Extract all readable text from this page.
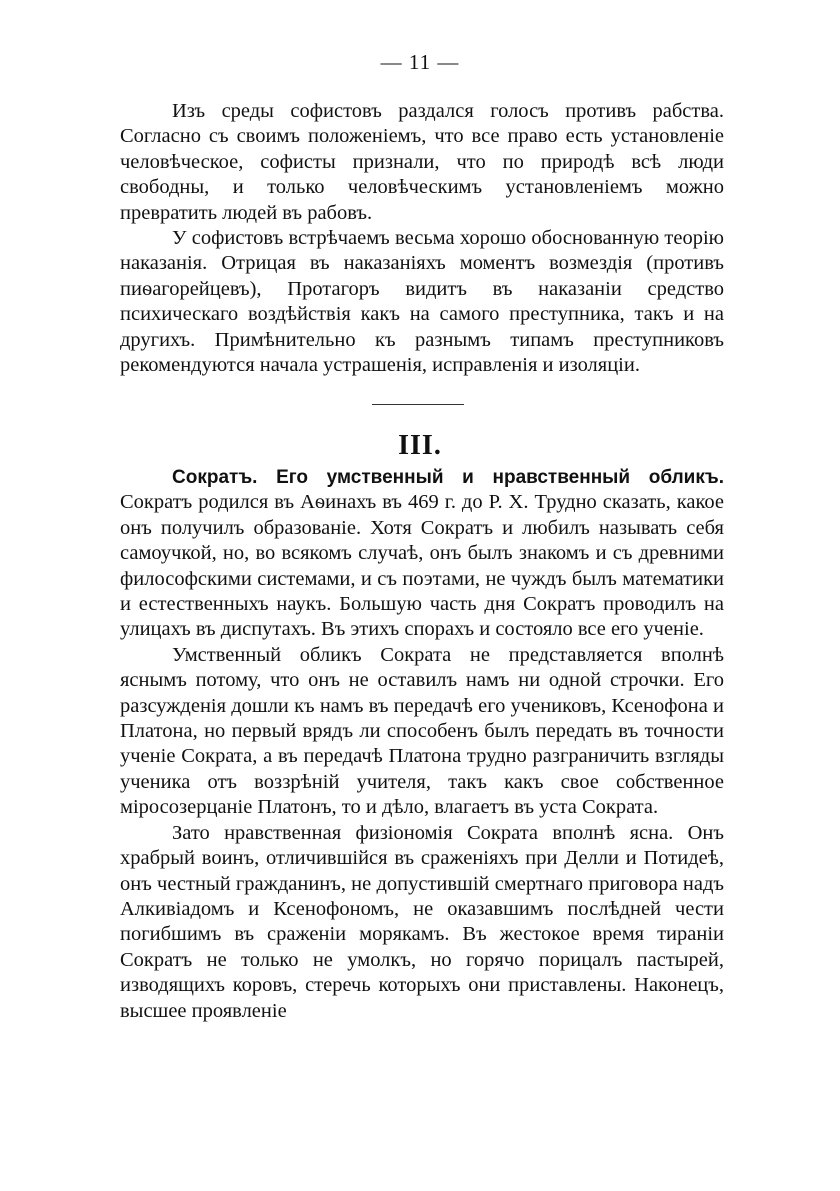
— 11 —

Изъ среды софистовъ раздался голосъ противъ рабства. Согласно съ своимъ положеніемъ, что все право есть установленіе человѣческое, софисты признали, что по природѣ всѣ люди свободны, и только человѣческимъ установленіемъ можно превратить людей въ рабовъ.

У софистовъ встрѣчаемъ весьма хорошо обоснованную теорію наказанія. Отрицая въ наказаніяхъ моментъ возмездія (противъ пиѳагорейцевъ), Протагоръ видитъ въ наказаніи средство психическаго воздѣйствія какъ на самого преступника, такъ и на другихъ. Примѣнительно къ разнымъ типамъ преступниковъ рекомендуются начала устрашенія, исправленія и изоляціи.

III.

Сократъ. Его умственный и нравственный обликъ. Сократъ родился въ Аѳинахъ въ 469 г. до Р. Х. Трудно сказать, какое онъ получилъ образованіе. Хотя Сократъ и любилъ называть себя самоучкой, но, во всякомъ случаѣ, онъ былъ знакомъ и съ древними философскими системами, и съ поэтами, не чуждъ былъ математики и естественныхъ наукъ. Большую часть дня Сократъ проводилъ на улицахъ въ диспутахъ. Въ этихъ спорахъ и состояло все его ученіе.

Умственный обликъ Сократа не представляется вполнѣ яснымъ потому, что онъ не оставилъ намъ ни одной строчки. Его разсужденія дошли къ намъ въ передачѣ его учениковъ, Ксенофона и Платона, но первый врядъ ли способенъ былъ передать въ точности ученіе Сократа, а въ передачѣ Платона трудно разграничить взгляды ученика отъ воззрѣній учителя, такъ какъ свое собственное міросозерцаніе Платонъ, то и дѣло, влагаетъ въ уста Сократа.

Зато нравственная физіономія Сократа вполнѣ ясна. Онъ храбрый воинъ, отличившійся въ сраженіяхъ при Делли и Потидеѣ, онъ честный гражданинъ, не допустившій смертнаго приговора надъ Алкивіадомъ и Ксенофономъ, не оказавшимъ послѣдней чести погибшимъ въ сраженіи морякамъ. Въ жестокое время тираніи Сократъ не только не умолкъ, но горячо порицалъ пастырей, изводящихъ коровъ, стеречь которыхъ они приставлены. Наконецъ, высшее проявленіе
